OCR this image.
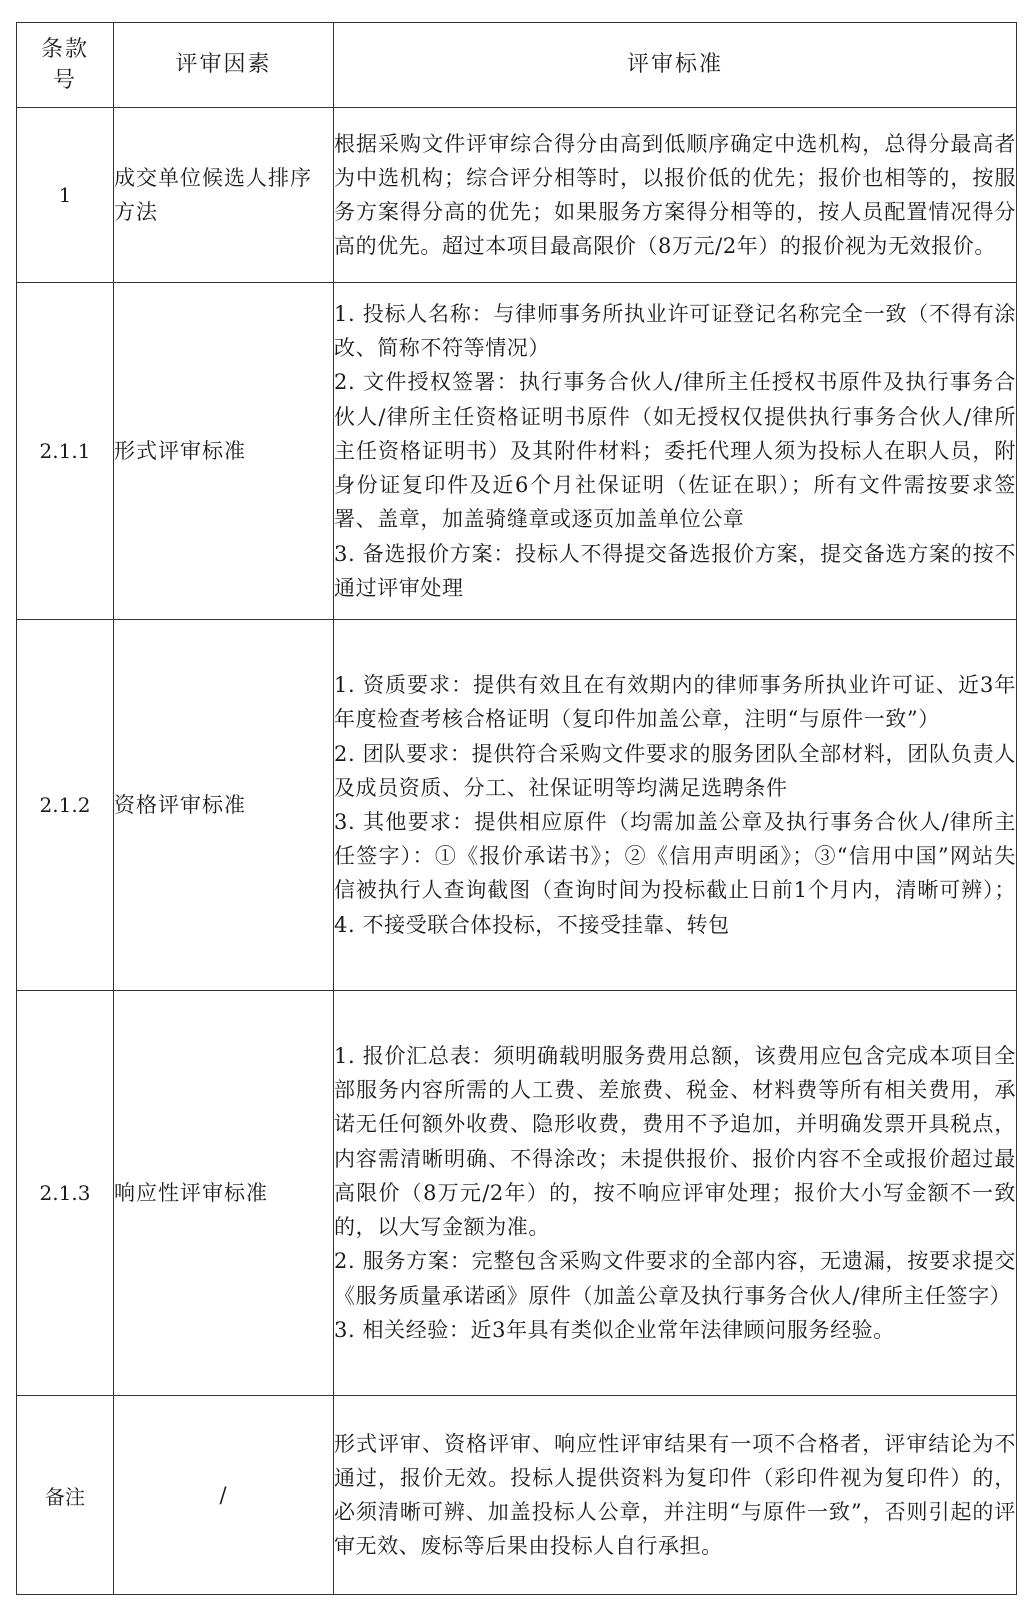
条款号	评审因素	评审标准
1	成交单位候选人排序方法	根据采购文件评审综合得分由高到低顺序确定中选机构，总得分最高者为中选机构；综合评分相等时，以报价低的优先；报价也相等的，按服务方案得分高的优先；如果服务方案得分相等的，按人员配置情况得分高的优先。超过本项目最高限价（8万元/2年）的报价视为无效报价。

2.1.1	形式评审标准	1. 投标人名称：与律师事务所执业许可证登记名称完全一致（不得有涂改、简称不符等情况）
2. 文件授权签署：执行事务合伙人/律所主任授权书原件及执行事务合伙人/律所主任资格证明书原件（如无授权仅提供执行事务合伙人/律所主任资格证明书）及其附件材料；委托代理人须为投标人在职人员，附身份证复印件及近6个月社保证明（佐证在职）；所有文件需按要求签署、盖章，加盖骑缝章或逐页加盖单位公章
3. 备选报价方案：投标人不得提交备选报价方案，提交备选方案的按不通过评审处理

2.1.2	资格评审标准	1. 资质要求：提供有效且在有效期内的律师事务所执业许可证、近3年年度检查考核合格证明（复印件加盖公章，注明“与原件一致”）
2. 团队要求：提供符合采购文件要求的服务团队全部材料，团队负责人及成员资质、分工、社保证明等均满足选聘条件
3. 其他要求：提供相应原件（均需加盖公章及执行事务合伙人/律所主任签字）：①《报价承诺书》；②《信用声明函》；③“信用中国”网站失信被执行人查询截图（查询时间为投标截止日前1个月内，清晰可辨）；4. 不接受联合体投标，不接受挂靠、转包

2.1.3	响应性评审标准	1. 报价汇总表：须明确载明服务费用总额，该费用应包含完成本项目全部服务内容所需的人工费、差旅费、税金、材料费等所有相关费用，承诺无任何额外收费、隐形收费，费用不予追加，并明确发票开具税点，内容需清晰明确、不得涂改；未提供报价、报价内容不全或报价超过最高限价（8万元/2年）的，按不响应评审处理；报价大小写金额不一致的，以大写金额为准。
2. 服务方案：完整包含采购文件要求的全部内容，无遗漏，按要求提交《服务质量承诺函》原件（加盖公章及执行事务合伙人/律所主任签字）
3. 相关经验：近3年具有类似企业常年法律顾问服务经验。

备注	/	形式评审、资格评审、响应性评审结果有一项不合格者，评审结论为不通过，报价无效。投标人提供资料为复印件（彩印件视为复印件）的，必须清晰可辨、加盖投标人公章，并注明“与原件一致”，否则引起的评审无效、废标等后果由投标人自行承担。
